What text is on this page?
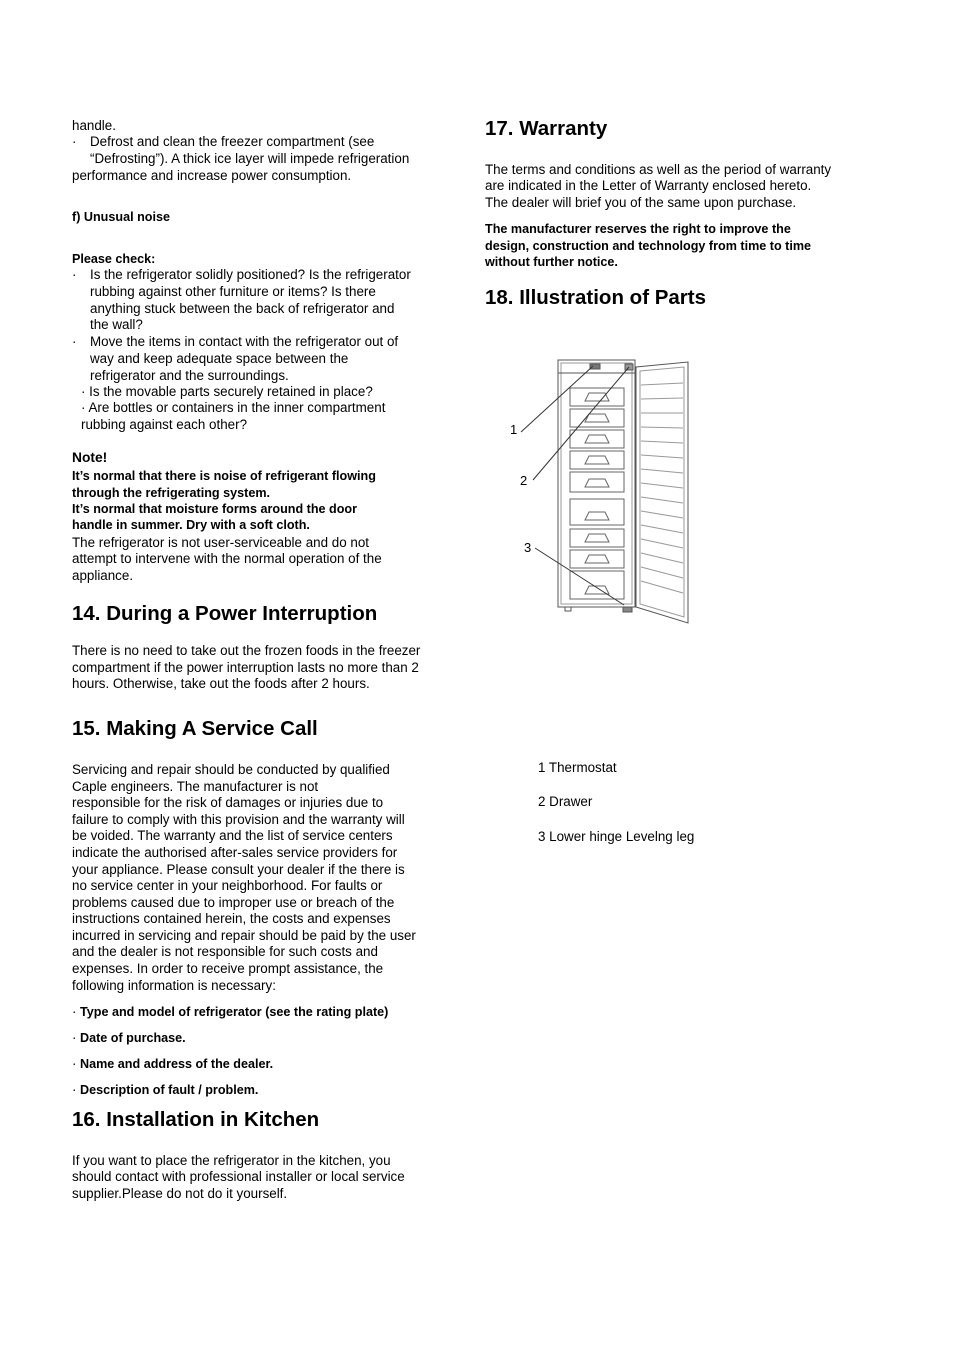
handle.

· Defrost and clean the freezer compartment (see

“Defrosting”). A thick ice layer will impede refrigeration

performance and increase power consumption.

f) Unusual noise

Please check:

· Is the refrigerator solidly positioned? Is the refrigerator

rubbing against other furniture or items? Is there

anything stuck between the back of refrigerator and

the wall?

· Move the items in contact with the refrigerator out of

way and keep adequate space between the

refrigerator and the surroundings.

· Is the movable parts securely retained in place?

· Are bottles or containers in the inner compartment

rubbing against each other?

Note!

It’s normal that there is noise of refrigerant flowing

through the refrigerating system.

It’s normal that moisture forms around the door

handle in summer. Dry with a soft cloth.

The refrigerator is not user-serviceable and do not

attempt to intervene with the normal operation of the

appliance.

14. During a Power Interruption

There is no need to take out the frozen foods in the freezer

compartment if the power interruption lasts no more than 2

hours. Otherwise, take out the foods after 2 hours.

15. Making A Service Call

Servicing and repair should be conducted by qualified

Caple engineers. The manufacturer is not

responsible for the risk of damages or injuries due to

failure to comply with this provision and the warranty will

be voided. The warranty and the list of service centers

indicate the authorised after-sales service providers for

your appliance. Please consult your dealer if the there is

no service center in your neighborhood. For faults or

problems caused due to improper use or breach of the

instructions contained herein, the costs and expenses

incurred in servicing and repair should be paid by the user

and the dealer is not responsible for such costs and

expenses. In order to receive prompt assistance, the

following information is necessary:

· Type and model of refrigerator (see the rating plate)
· Date of purchase.
· Name and address of the dealer.
· Description of fault / problem.
16. Installation in Kitchen

If you want to place the refrigerator in the kitchen, you

should contact with professional installer or local service

supplier.Please do not do it yourself.

17. Warranty

The terms and conditions as well as the period of warranty

are indicated in the Letter of Warranty enclosed hereto.

The dealer will brief you of the same upon purchase.

The manufacturer reserves the right to improve the

design, construction and technology from time to time

without further notice.

18. Illustration of Parts
1
2
3

1 Thermostat

2 Drawer

3 Lower hinge Levelng leg
